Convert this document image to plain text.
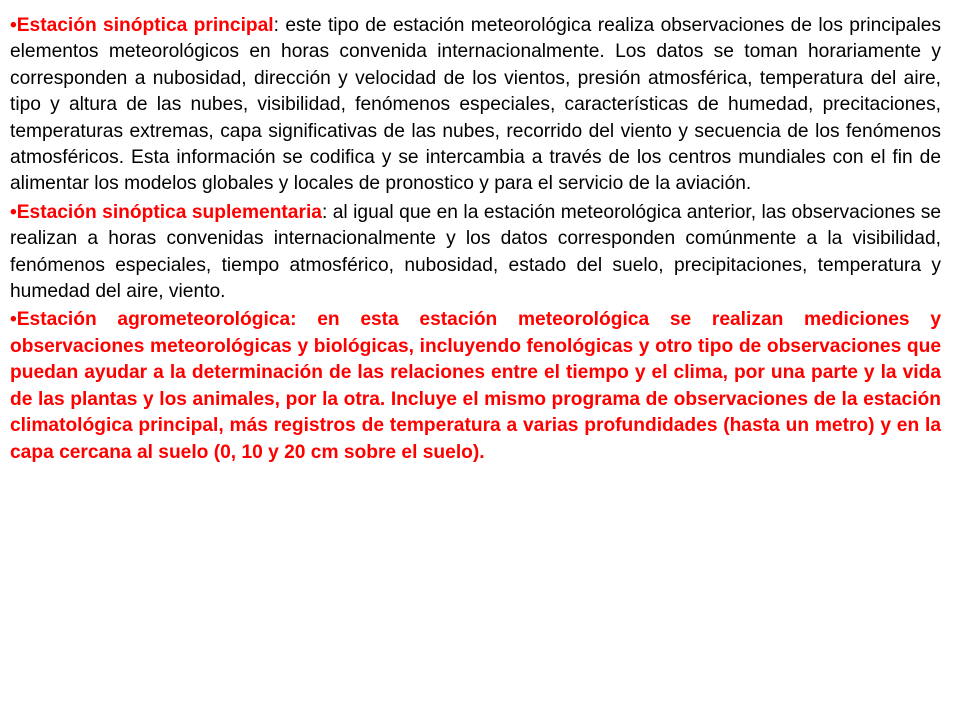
•Estación sinóptica principal: este tipo de estación meteorológica realiza observaciones de los principales elementos meteorológicos en horas convenida internacionalmente. Los datos se toman horariamente y corresponden a nubosidad, dirección y velocidad de los vientos, presión atmosférica, temperatura del aire, tipo y altura de las nubes, visibilidad, fenómenos especiales, características de humedad, precitaciones, temperaturas extremas, capa significativas de las nubes, recorrido del viento y secuencia de los fenómenos atmosféricos. Esta información se codifica y se intercambia a través de los centros mundiales con el fin de alimentar los modelos globales y locales de pronostico y para el servicio de la aviación.

•Estación sinóptica suplementaria: al igual que en la estación meteorológica anterior, las observaciones se realizan a horas convenidas internacionalmente y los datos corresponden comúnmente a la visibilidad, fenómenos especiales, tiempo atmosférico, nubosidad, estado del suelo, precipitaciones, temperatura y humedad del aire, viento.

•Estación agrometeorológica: en esta estación meteorológica se realizan mediciones y observaciones meteorológicas y biológicas, incluyendo fenológicas y otro tipo de observaciones que puedan ayudar a la determinación de las relaciones entre el tiempo y el clima, por una parte y la vida de las plantas y los animales, por la otra. Incluye el mismo programa de observaciones de la estación climatológica principal, más registros de temperatura a varias profundidades (hasta un metro) y en la capa cercana al suelo (0, 10 y 20 cm sobre el suelo).
